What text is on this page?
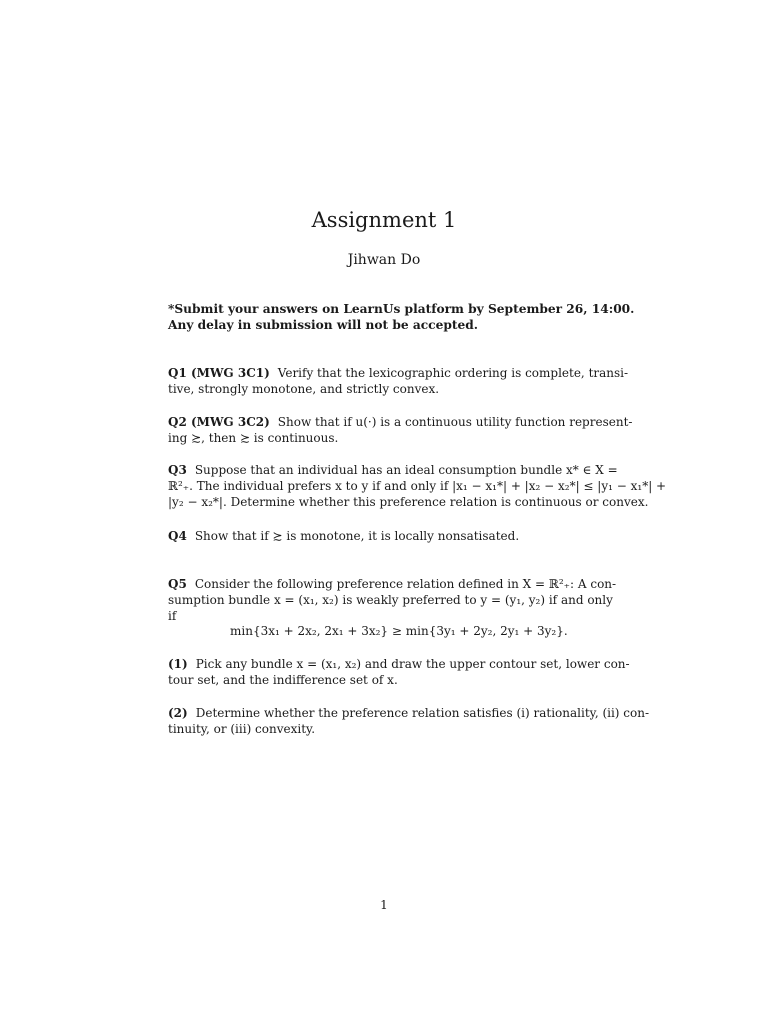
Assignment 1
Jihwan Do
*Submit your answers on LearnUs platform by September 26, 14:00.
Any delay in submission will not be accepted.
Q1 (MWG 3C1) Verify that the lexicographic ordering is complete, transi-
tive, strongly monotone, and strictly convex.
Q2 (MWG 3C2) Show that if u(·) is a continuous utility function represent-
ing ≿, then ≿ is continuous.
Q3 Suppose that an individual has an ideal consumption bundle x* ∈ X =
ℝ²₊. The individual prefers x to y if and only if |x₁ − x₁*| + |x₂ − x₂*| ≤ |y₁ − x₁*| +
|y₂ − x₂*|. Determine whether this preference relation is continuous or convex.
Q4 Show that if ≿ is monotone, it is locally nonsatisated.
Q5 Consider the following preference relation defined in X = ℝ²₊: A con-
sumption bundle x = (x₁, x₂) is weakly preferred to y = (y₁, y₂) if and only
if
min{3x₁ + 2x₂, 2x₁ + 3x₂} ≥ min{3y₁ + 2y₂, 2y₁ + 3y₂}.
(1) Pick any bundle x = (x₁, x₂) and draw the upper contour set, lower con-
tour set, and the indifference set of x.
(2) Determine whether the preference relation satisfies (i) rationality, (ii) con-
tinuity, or (iii) convexity.
1
